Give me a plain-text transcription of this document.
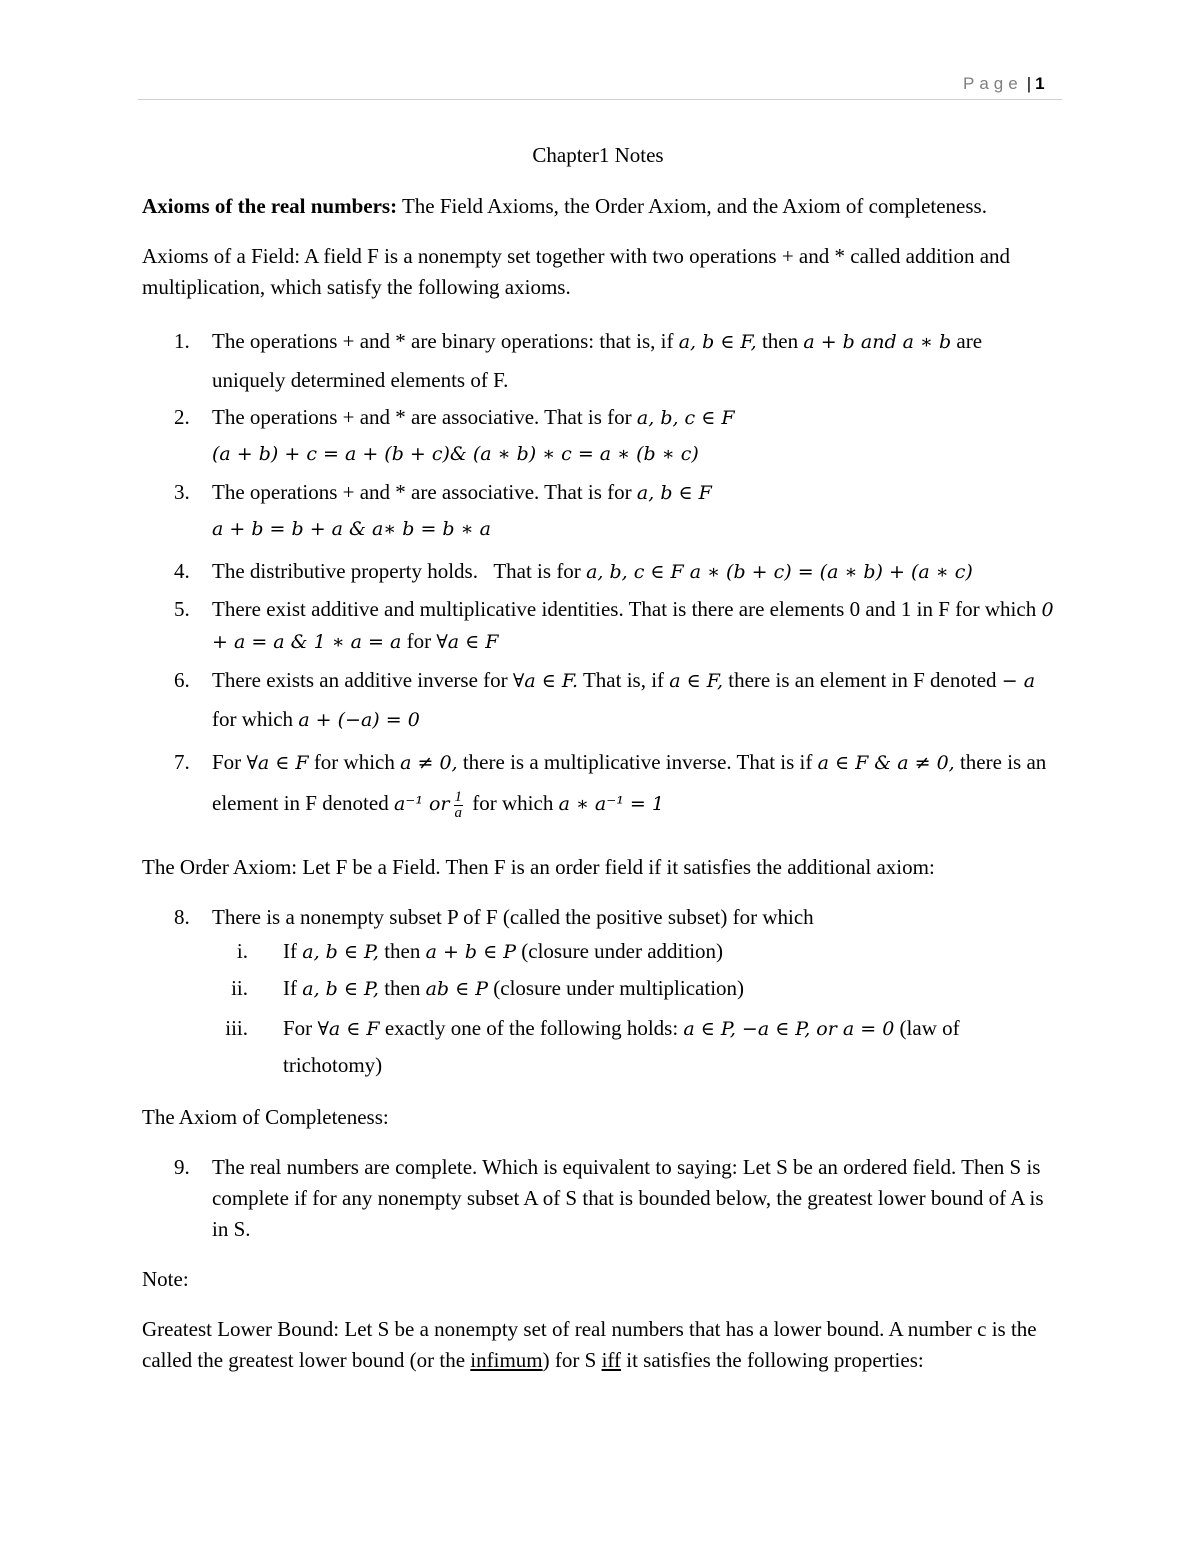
Page | 1
Chapter1 Notes
Axioms of the real numbers: The Field Axioms, the Order Axiom, and the Axiom of completeness.
Axioms of a Field: A field F is a nonempty set together with two operations + and * called addition and multiplication, which satisfy the following axioms.
1. The operations + and * are binary operations: that is, if a, b ∈ F, then a + b and a ∗ b are uniquely determined elements of F.
2. The operations + and * are associative. That is for a, b, c ∈ F
(a + b) + c = a + (b + c)& (a ∗ b) ∗ c = a ∗ (b ∗ c)
3. The operations + and * are associative. That is for a, b ∈ F
a + b = b + a & a∗ b = b ∗ a
4. The distributive property holds.   That is for a, b, c ∈ F a ∗ (b + c) = (a ∗ b) + (a ∗ c)
5. There exist additive and multiplicative identities. That is there are elements 0 and 1 in F for which 0 + a = a & 1 ∗ a = a for ∀a ∈ F
6. There exists an additive inverse for ∀a ∈ F. That is, if a ∈ F, there is an element in F denoted − a for which a + (−a) = 0
7. For ∀a ∈ F for which a ≠ 0, there is a multiplicative inverse. That is if a ∈ F & a ≠ 0, there is an element in F denoted a⁻¹ or $\frac{1}{a}$ for which a ∗ a⁻¹ = 1
The Order Axiom: Let F be a Field. Then F is an order field if it satisfies the additional axiom:
8. There is a nonempty subset P of F (called the positive subset) for which
i. If a, b ∈ P, then a + b ∈ P (closure under addition)
ii. If a, b ∈ P, then ab ∈ P (closure under multiplication)
iii. For ∀a ∈ F exactly one of the following holds: a ∈ P, −a ∈ P, or a = 0 (law of trichotomy)
The Axiom of Completeness:
9. The real numbers are complete. Which is equivalent to saying: Let S be an ordered field. Then S is complete if for any nonempty subset A of S that is bounded below, the greatest lower bound of A is in S.
Note:
Greatest Lower Bound: Let S be a nonempty set of real numbers that has a lower bound. A number c is the called the greatest lower bound (or the infimum) for S iff it satisfies the following properties:
